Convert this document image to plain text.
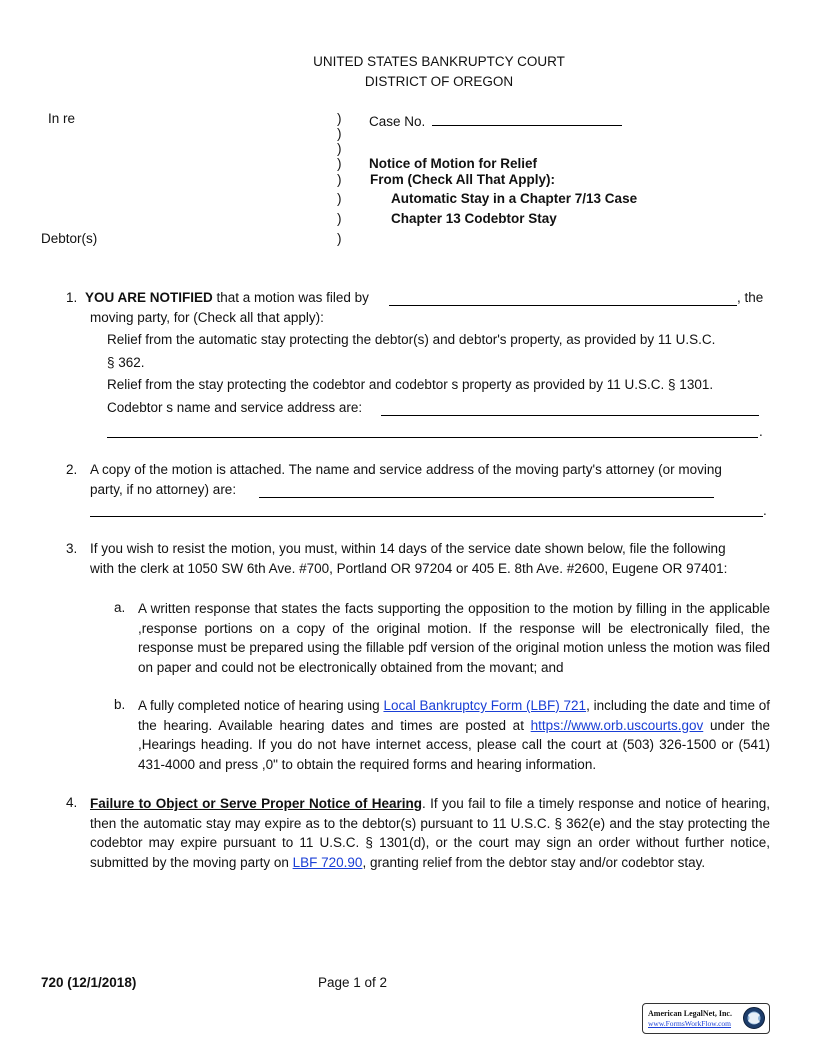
UNITED STATES BANKRUPTCY COURT
DISTRICT OF OREGON
In re	)
)
)
)
)
)
)
)
Case No.
Notice of Motion for Relief
From (Check All That Apply):
Automatic Stay in a Chapter 7/13 Case
Chapter 13 Codebtor Stay
Debtor(s)
1. YOU ARE NOTIFIED that a motion was filed by	, the
moving party, for (Check all that apply):
Relief from the automatic stay protecting the debtor(s) and debtor's property, as provided by 11 U.S.C.
§ 362.
Relief from the stay protecting the codebtor and codebtor s property as provided by 11 U.S.C. § 1301.
Codebtor s name and service address are:
.
2. A copy of the motion is attached. The name and service address of the moving party's attorney (or moving
party, if no attorney) are:
.
3. If you wish to resist the motion, you must, within 14 days of the service date shown below, file the following
with the clerk at 1050 SW 6th Ave. #700, Portland OR 97204 or 405 E. 8th Ave. #2600, Eugene OR 97401:
a. A written response that states the facts supporting the opposition to the motion by filling in the applicable ,response portions on a copy of the original motion. If the response will be electronically filed, the response must be prepared using the fillable pdf version of the original motion unless the motion was filed on paper and could not be electronically obtained from the movant; and
b. A fully completed notice of hearing using Local Bankruptcy Form (LBF) 721, including the date and time of the hearing. Available hearing dates and times are posted at https://www.orb.uscourts.gov under the ,Hearings heading. If you do not have internet access, please call the court at (503) 326-1500 or (541) 431-4000 and press ,0" to obtain the required forms and hearing information.
4. Failure to Object or Serve Proper Notice of Hearing. If you fail to file a timely response and notice of hearing, then the automatic stay may expire as to the debtor(s) pursuant to 11 U.S.C. § 362(e) and the stay protecting the codebtor may expire pursuant to 11 U.S.C. § 1301(d), or the court may sign an order without further notice, submitted by the moving party on LBF 720.90, granting relief from the debtor stay and/or codebtor stay.
720 (12/1/2018)	Page 1 of 2
American LegalNet, Inc.
www.FormsWorkFlow.com
